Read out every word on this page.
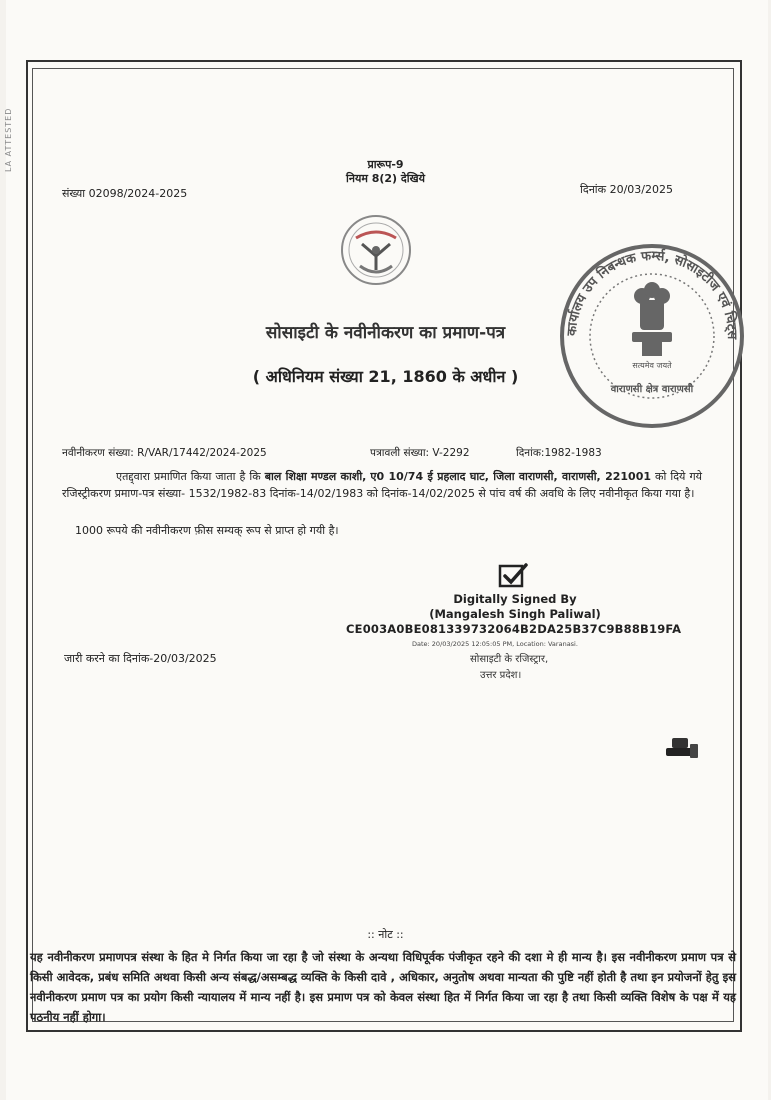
LA ATTESTED	प्रारूप-9
नियम 8(2) देखिये
संख्या 02098/2024-2025	दिनांक 20/03/2025
कार्यालय उप निबन्धक फर्म्स, सोसाइटीज एवं चिट्स
सत्यमेव जयते
वाराणसी क्षेत्र वाराणसी
सोसाइटी के नवीनीकरण का प्रमाण-पत्र
( अधिनियम संख्या 21, 1860 के अधीन )
नवीनीकरण संख्या: R/VAR/17442/2024-2025	पत्रावली संख्या: V-2292	दिनांक:1982-1983
एतद्द्वारा प्रमाणित किया जाता है कि बाल शिक्षा मण्डल काशी, ए0 10/74 ई प्रहलाद घाट, जिला वाराणसी, वाराणसी, 221001 को दिये गये रजिस्ट्रीकरण प्रमाण-पत्र संख्या- 1532/1982-83 दिनांक-14/02/1983 को दिनांक-14/02/2025 से पांच वर्ष की अवधि के लिए नवीनीकृत किया गया है।
1000 रूपये की नवीनीकरण फ़ीस सम्यक् रूप से प्राप्त हो गयी है।
Digitally Signed By
(Mangalesh Singh Paliwal)
CE003A0BE081339732064B2DA25B37C9B88B19FA
Date: 20/03/2025 12:05:05 PM, Location: Varanasi.
सोसाइटी के रजिस्ट्रार,
उत्तर प्रदेश।
जारी करने का दिनांक-20/03/2025
:: नोट ::
यह नवीनीकरण प्रमाणपत्र संस्था के हित मे निर्गत किया जा रहा है जो संस्था के अन्यथा विधिपूर्वक पंजीकृत रहने की दशा मे ही मान्य है। इस नवीनीकरण प्रमाण पत्र से किसी आवेदक, प्रबंध समिति अथवा किसी अन्य संबद्ध/असम्बद्ध व्यक्ति के किसी दावे , अधिकार, अनुतोष अथवा मान्यता की पुष्टि नहीं होती है तथा इन प्रयोजनों हेतु इस नवीनीकरण प्रमाण पत्र का प्रयोग किसी न्यायालय में मान्य नहीं है। इस प्रमाण पत्र को केवल संस्था हित में निर्गत किया जा रहा है तथा किसी व्यक्ति विशेष के पक्ष में यह पठनीय नहीं होगा।
